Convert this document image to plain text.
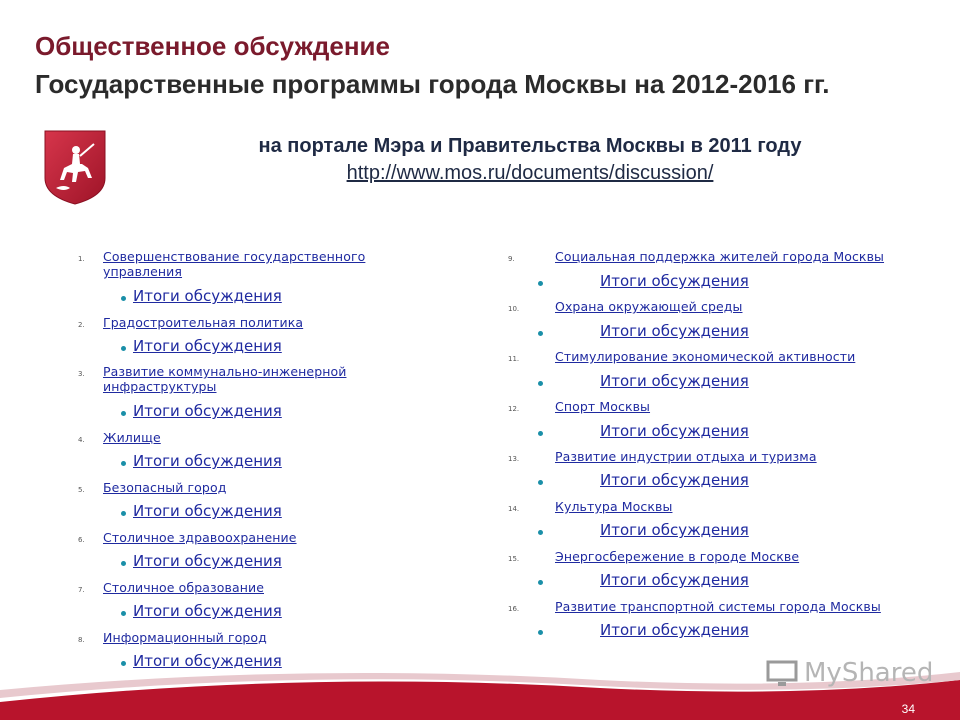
Общественное обсуждение
Государственные программы города Москвы на 2012-2016 гг.
на портале Мэра и Правительства Москвы в 2011 году
http://www.mos.ru/documents/discussion/
1. Совершенствование государственного управления
Итоги обсуждения
2. Градостроительная политика
Итоги обсуждения
3. Развитие коммунально-инженерной инфраструктуры
Итоги обсуждения
4. Жилище
Итоги обсуждения
5. Безопасный город
Итоги обсуждения
6. Столичное здравоохранение
Итоги обсуждения
7. Столичное образование
Итоги обсуждения
8. Информационный город
Итоги обсуждения
9.	Социальная поддержка жителей города Москвы
Итоги обсуждения
10.	Охрана окружающей среды
Итоги обсуждения
11.	Стимулирование экономической активности
Итоги обсуждения
12.	Спорт Москвы
Итоги обсуждения
13.	Развитие индустрии отдыха и туризма
Итоги обсуждения
14.	Культура Москвы
Итоги обсуждения
15.	Энергосбережение в городе Москве
Итоги обсуждения
16.	Развитие транспортной системы города Москвы
Итоги обсуждения
MyShared
34
